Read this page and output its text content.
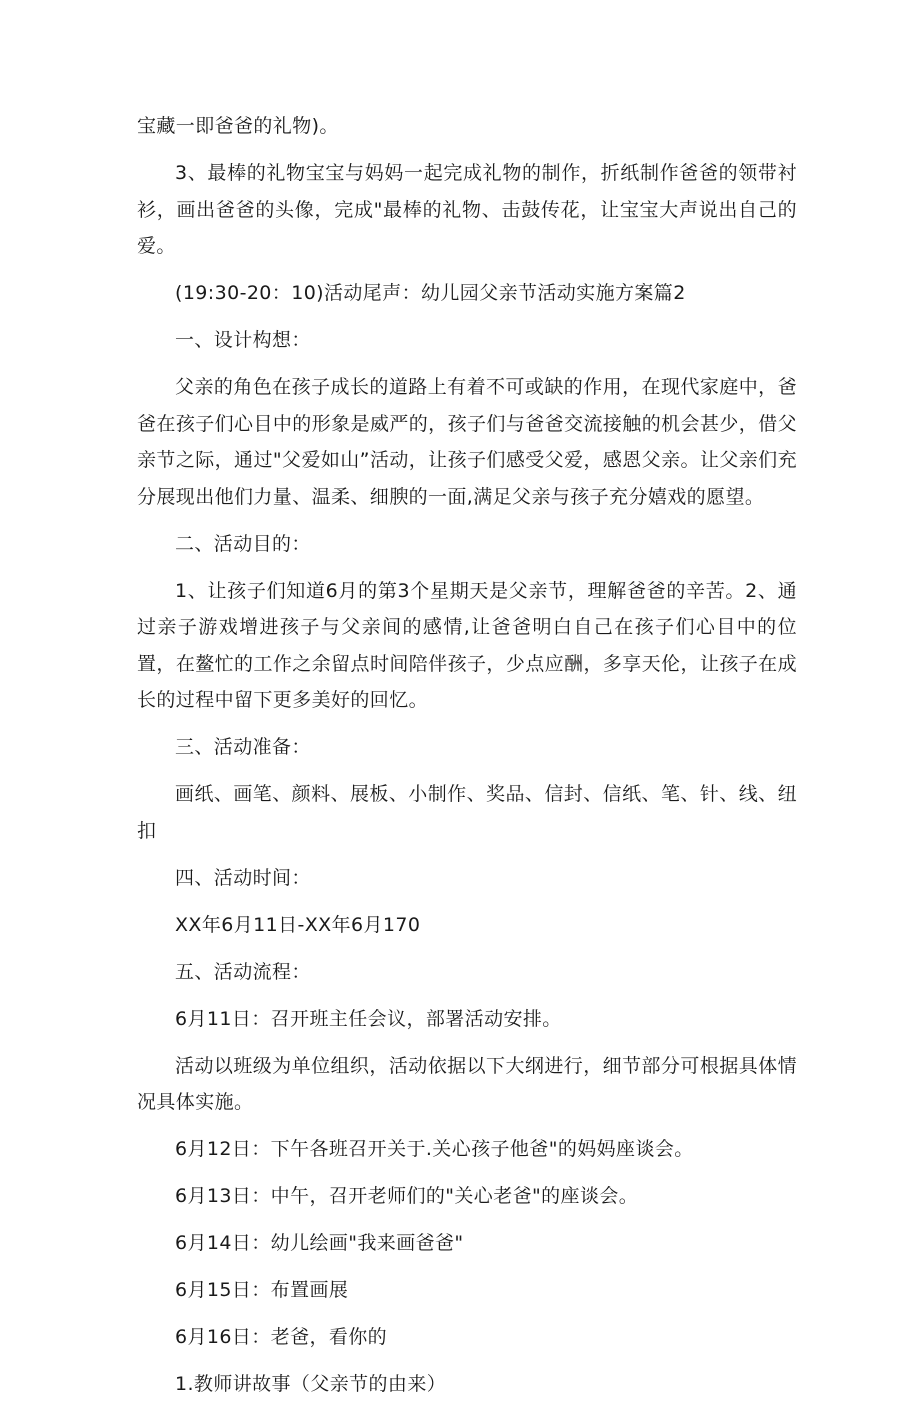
宝藏一即爸爸的礼物)。

3、最棒的礼物宝宝与妈妈一起完成礼物的制作，折纸制作爸爸的领带衬衫，画出爸爸的头像，完成"最棒的礼物、击鼓传花，让宝宝大声说出自己的爱。

(19:30-20：10)活动尾声：幼儿园父亲节活动实施方案篇2

一、设计构想：

父亲的角色在孩子成长的道路上有着不可或缺的作用，在现代家庭中，爸爸在孩子们心目中的形象是威严的，孩子们与爸爸交流接触的机会甚少，借父亲节之际，通过"父爱如山”活动，让孩子们感受父爱，感恩父亲。让父亲们充分展现出他们力量、温柔、细腴的一面,满足父亲与孩子充分嬉戏的愿望。

二、活动目的：

1、让孩子们知道6月的第3个星期天是父亲节，理解爸爸的辛苦。2、通过亲子游戏增进孩子与父亲间的感情,让爸爸明白自己在孩子们心目中的位置，在鳌忙的工作之余留点时间陪伴孩子，少点应酬，多享天伦，让孩子在成长的过程中留下更多美好的回忆。

三、活动准备：

画纸、画笔、颜料、展板、小制作、奖品、信封、信纸、笔、针、线、纽扣

四、活动时间：

XX年6月11日-XX年6月170

五、活动流程：

6月11日：召开班主任会议，部署活动安排。

活动以班级为单位组织，活动依据以下大纲进行，细节部分可根据具体情况具体实施。

6月12日：下午各班召开关于.关心孩子他爸"的妈妈座谈会。

6月13日：中午，召开老师们的"关心老爸"的座谈会。

6月14日：幼儿绘画"我来画爸爸"

6月15日：布置画展

6月16日：老爸，看你的

1.教师讲故事（父亲节的由来）
